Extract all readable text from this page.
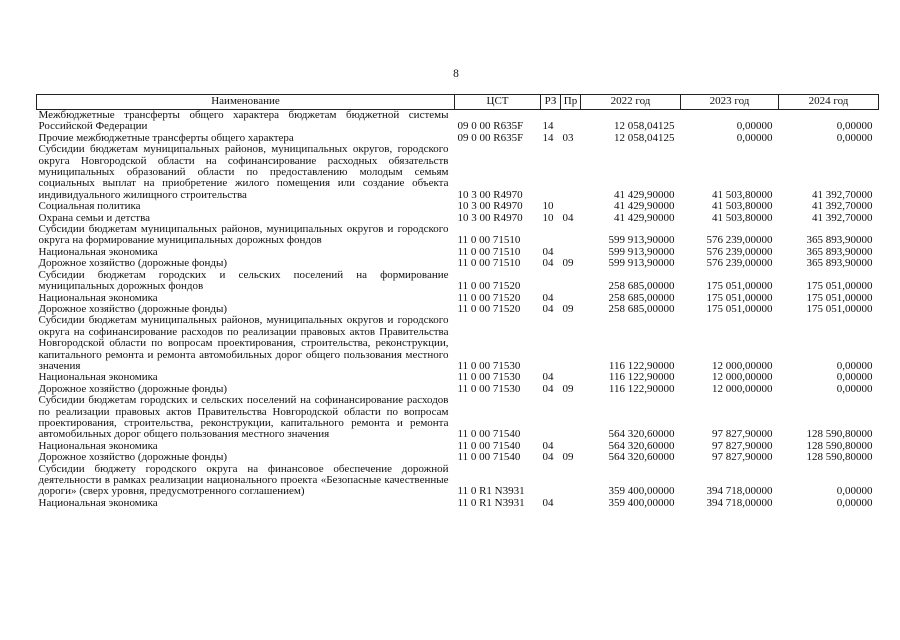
8
Наименование	ЦСТ	РЗ	Пр	2022 год	2023 год	2024 год
Межбюджетные трансферты общего характера бюджетам бюджетной системы Российской Федерации	09 0 00 R635F	14		12 058,04125	0,00000	0,00000
Прочие межбюджетные трансферты общего характера	09 0 00 R635F	14	03	12 058,04125	0,00000	0,00000
Субсидии бюджетам муниципальных районов, муниципальных округов, городского округа Новгородской области на софинансирование расходных обязательств муниципальных образований области по предоставлению молодым семьям социальных выплат на приобретение жилого помещения или создание объекта индивидуального жилищного строительства	10 3 00 R4970			41 429,90000	41 503,80000	41 392,70000
Социальная политика	10 3 00 R4970	10		41 429,90000	41 503,80000	41 392,70000
Охрана семьи и детства	10 3 00 R4970	10	04	41 429,90000	41 503,80000	41 392,70000
Субсидии бюджетам муниципальных районов, муниципальных округов и городского округа на формирование муниципальных дорожных фондов	11 0 00 71510			599 913,90000	576 239,00000	365 893,90000
Национальная экономика	11 0 00 71510	04		599 913,90000	576 239,00000	365 893,90000
Дорожное хозяйство (дорожные фонды)	11 0 00 71510	04	09	599 913,90000	576 239,00000	365 893,90000
Субсидии бюджетам городских и сельских поселений на формирование муниципальных дорожных фондов	11 0 00 71520			258 685,00000	175 051,00000	175 051,00000
Национальная экономика	11 0 00 71520	04		258 685,00000	175 051,00000	175 051,00000
Дорожное хозяйство (дорожные фонды)	11 0 00 71520	04	09	258 685,00000	175 051,00000	175 051,00000
Субсидии бюджетам муниципальных районов, муниципальных округов и городского округа на софинансирование расходов по реализации правовых актов Правительства Новгородской области по вопросам проектирования, строительства, реконструкции, капитального ремонта и ремонта автомобильных дорог общего пользования местного значения	11 0 00 71530			116 122,90000	12 000,00000	0,00000
Национальная экономика	11 0 00 71530	04		116 122,90000	12 000,00000	0,00000
Дорожное хозяйство (дорожные фонды)	11 0 00 71530	04	09	116 122,90000	12 000,00000	0,00000
Субсидии бюджетам городских и сельских поселений на софинансирование расходов по реализации правовых актов Правительства Новгородской области по вопросам проектирования, строительства, реконструкции, капитального ремонта и ремонта автомобильных дорог общего пользования местного значения	11 0 00 71540			564 320,60000	97 827,90000	128 590,80000
Национальная экономика	11 0 00 71540	04		564 320,60000	97 827,90000	128 590,80000
Дорожное хозяйство (дорожные фонды)	11 0 00 71540	04	09	564 320,60000	97 827,90000	128 590,80000
Субсидии бюджету городского округа на финансовое обеспечение дорожной деятельности в рамках реализации национального проекта «Безопасные качественные дороги» (сверх уровня, предусмотренного соглашением)	11 0 R1 N3931			359 400,00000	394 718,00000	0,00000
Национальная экономика	11 0 R1 N3931	04		359 400,00000	394 718,00000	0,00000
